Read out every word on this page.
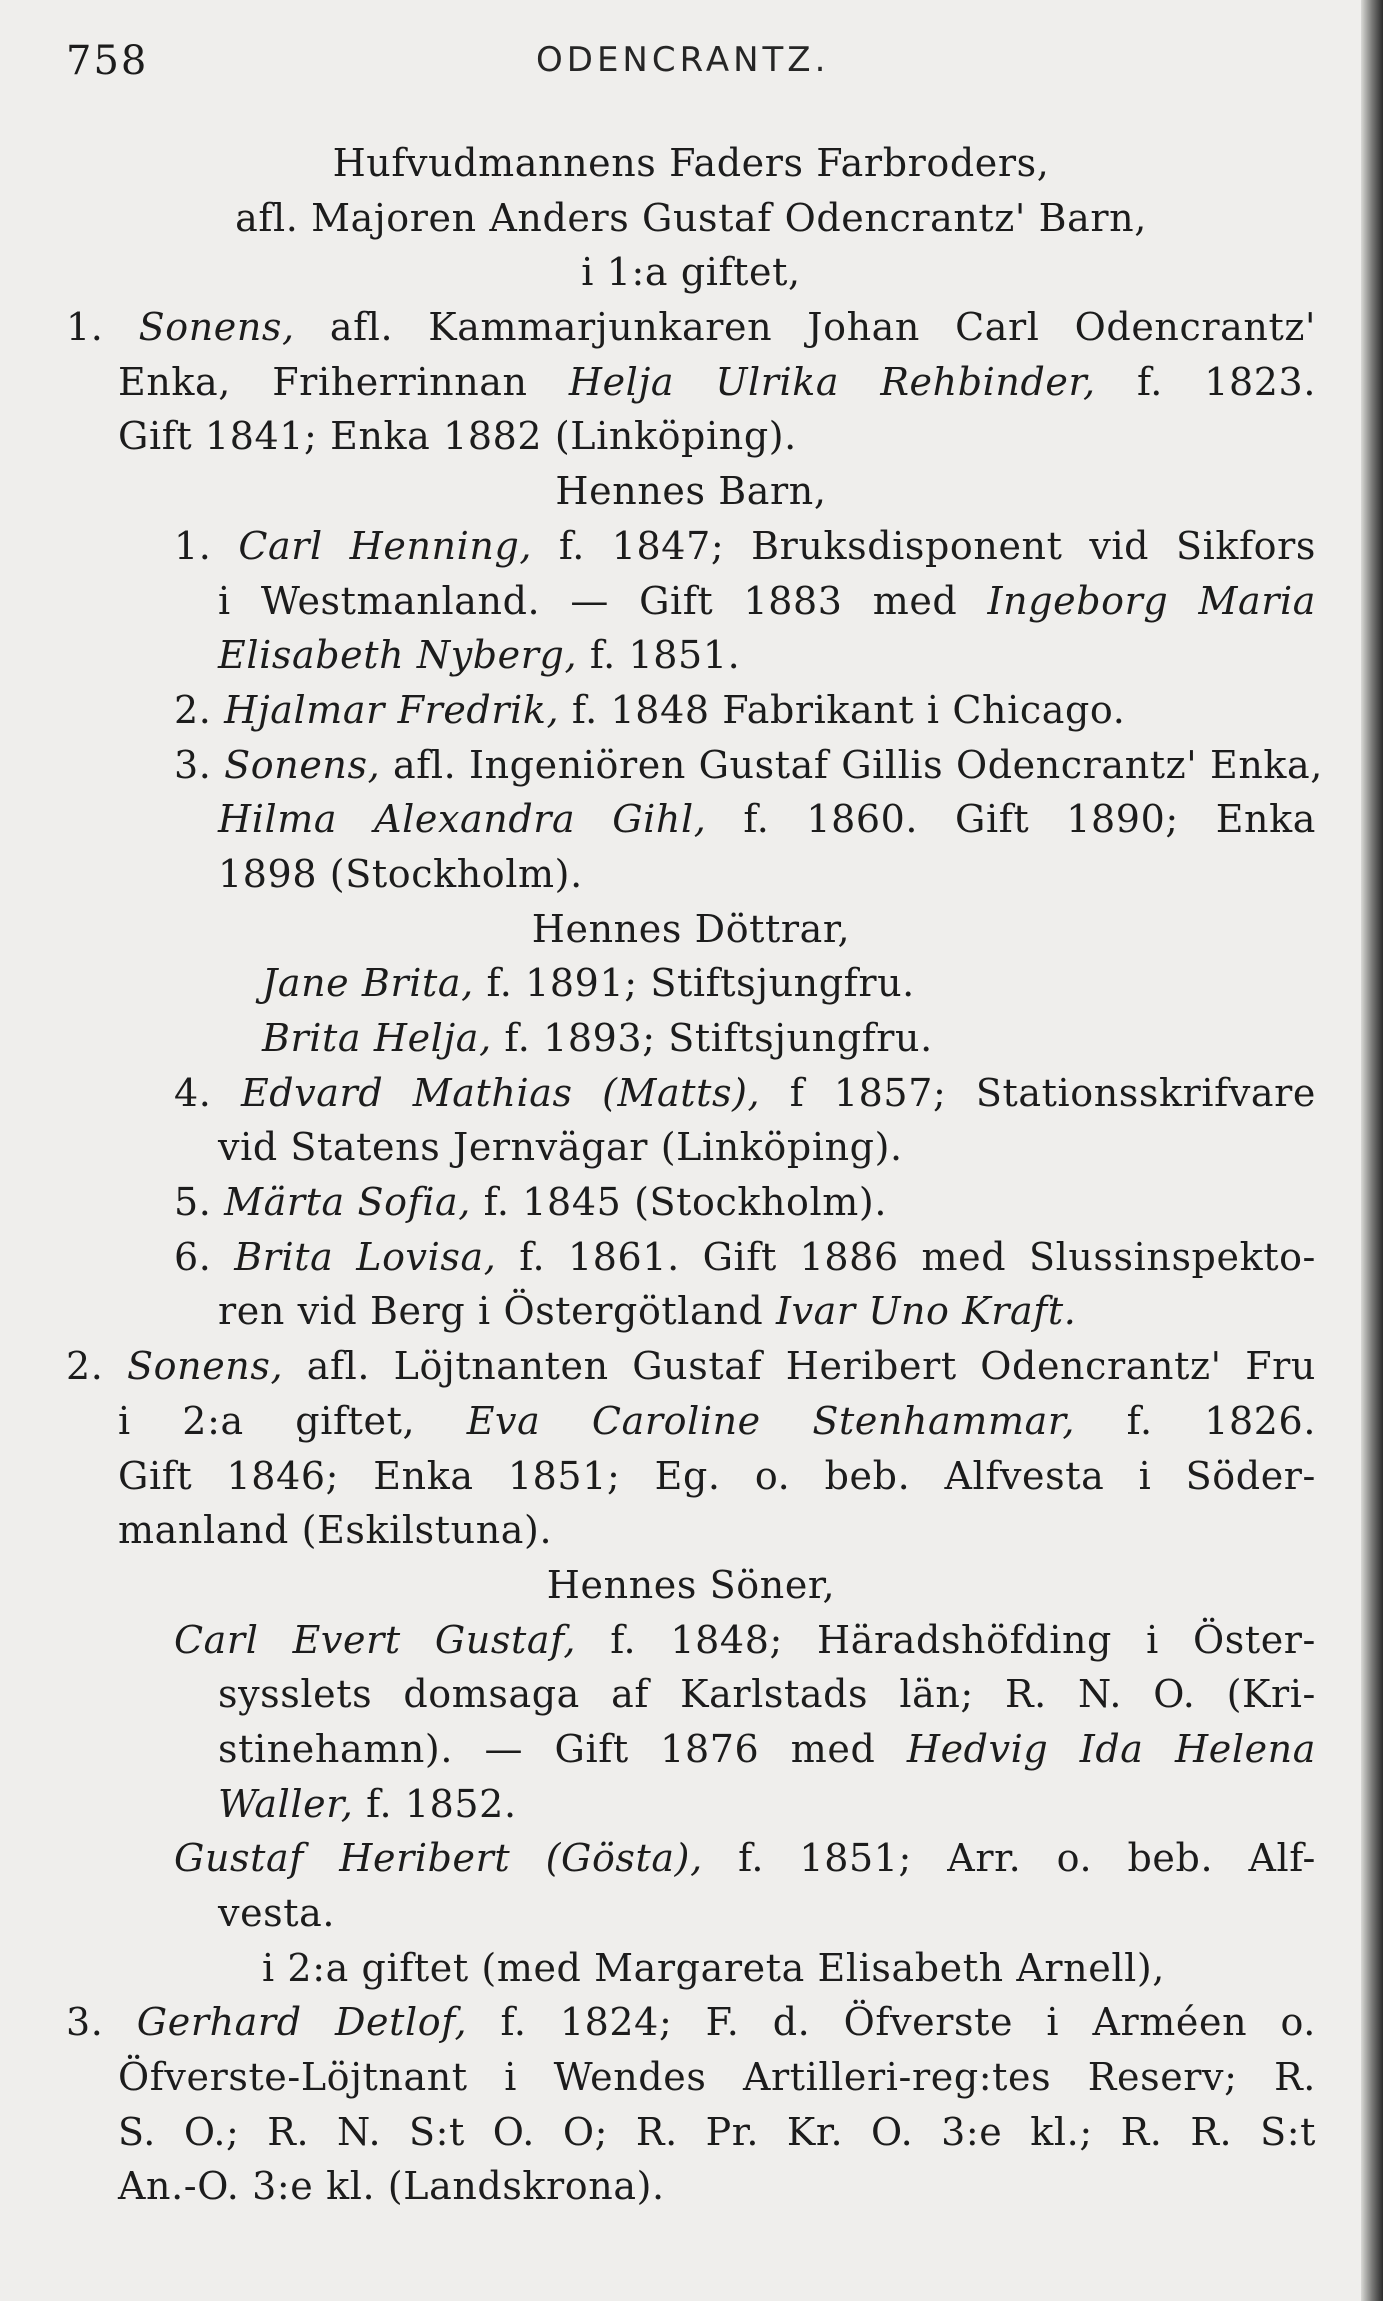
758	ODENCRANTZ.
Hufvudmannens Faders Farbroders,
afl. Majoren Anders Gustaf Odencrantz' Barn,
i 1:a giftet,
1. Sonens, afl. Kammarjunkaren Johan Carl Odencrantz'
Enka, Friherrinnan Helja Ulrika Rehbinder, f. 1823.
Gift 1841; Enka 1882 (Linköping).
Hennes Barn,
1. Carl Henning, f. 1847; Bruksdisponent vid Sikfors
i Westmanland. — Gift 1883 med Ingeborg Maria
Elisabeth Nyberg, f. 1851.
2. Hjalmar Fredrik, f. 1848 Fabrikant i Chicago.
3. Sonens, afl. Ingeniören Gustaf Gillis Odencrantz' Enka,
Hilma Alexandra Gihl, f. 1860. Gift 1890; Enka
1898 (Stockholm).
Hennes Döttrar,
Jane Brita, f. 1891; Stiftsjungfru.
Brita Helja, f. 1893; Stiftsjungfru.
4. Edvard Mathias (Matts), f 1857; Stationsskrifvare
vid Statens Jernvägar (Linköping).
5. Märta Sofia, f. 1845 (Stockholm).
6. Brita Lovisa, f. 1861. Gift 1886 med Slussinspekto-
ren vid Berg i Östergötland Ivar Uno Kraft.
2. Sonens, afl. Löjtnanten Gustaf Heribert Odencrantz' Fru
i 2:a giftet, Eva Caroline Stenhammar, f. 1826.
Gift 1846; Enka 1851; Eg. o. beb. Alfvesta i Söder-
manland (Eskilstuna).
Hennes Söner,
Carl Evert Gustaf, f. 1848; Häradshöfding i Öster-
sysslets domsaga af Karlstads län; R. N. O. (Kri-
stinehamn). — Gift 1876 med Hedvig Ida Helena
Waller, f. 1852.
Gustaf Heribert (Gösta), f. 1851; Arr. o. beb. Alf-
vesta.
i 2:a giftet (med Margareta Elisabeth Arnell),
3. Gerhard Detlof, f. 1824; F. d. Öfverste i Arméen o.
Öfverste-Löjtnant i Wendes Artilleri-reg:tes Reserv; R.
S. O.; R. N. S:t O. O; R. Pr. Kr. O. 3:e kl.; R. R. S:t
An.-O. 3:e kl. (Landskrona).
